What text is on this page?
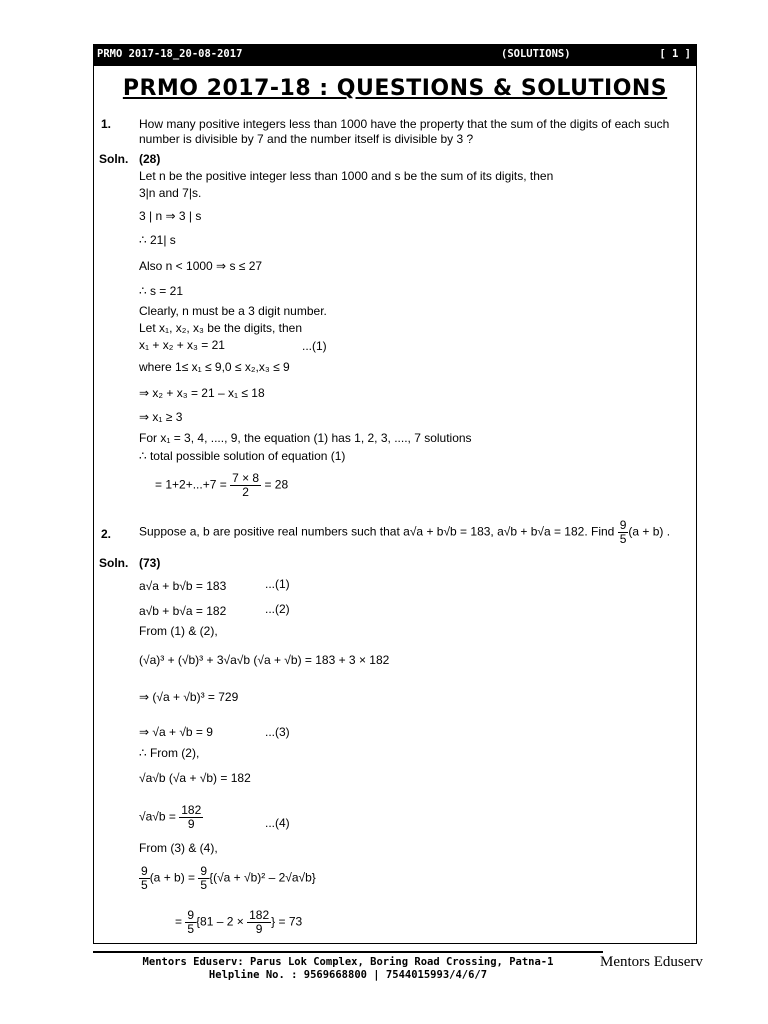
PRMO 2017-18_20-08-2017	(SOLUTIONS)	[ 1 ]
PRMO 2017-18 : QUESTIONS & SOLUTIONS
1. How many positive integers less than 1000 have the property that the sum of the digits of each such
number is divisible by 7 and the number itself is divisible by 3 ?
Soln. (28)
Let n be the positive integer less than 1000 and s be the sum of its digits, then
3|n and 7|s.
3 | n ⇒ 3 | s
∴ 21| s
Also n < 1000 ⇒ s ≤ 27
∴ s = 21
Clearly, n must be a 3 digit number.
Let x₁, x₂, x₃ be the digits, then
x₁ + x₂ + x₃ = 21	...(1)
where 1≤ x₁ ≤ 9,0 ≤ x₂,x₃ ≤ 9
⇒ x₂ + x₃ = 21 – x₁ ≤ 18
⇒ x₁ ≥ 3
For x₁ = 3, 4, ...., 9, the equation (1) has 1, 2, 3, ...., 7 solutions
∴ total possible solution of equation (1)
= $1+2+...+7 = \frac{7 \times 8}{2} = 28$
2. Suppose a, b are positive real numbers such that a√a + b√b = 183, a√b + b√a = 182. Find $\frac{9}{5} (a + b)$ .
Soln. (73)
a√a + b√b = 183	...(1)
a√b + b√a = 182	...(2)
From (1) & (2),
(√a)³ + (√b)³ + 3√a√b (√a + √b) = 183 + 3 × 182
⇒ (√a + √b)³ = 729
⇒ √a + √b = 9	...(3)
∴ From (2),
√a√b (√a + √b) = 182
$√a√b = \frac{182}{9}$	...(4)
From (3) & (4),
$\frac{9}{5} (a + b) = \frac{9}{5} \{(√a + √b)^2 - 2√a√b\}$
= $\frac{9}{5} \{81 - 2 \times \frac{182}{9}$ } = 73
Mentors Eduserv: Parus Lok Complex, Boring Road Crossing, Patna-1
Helpline No. : 9569668800 | 7544015993/4/6/7
Mentors Eduserv
